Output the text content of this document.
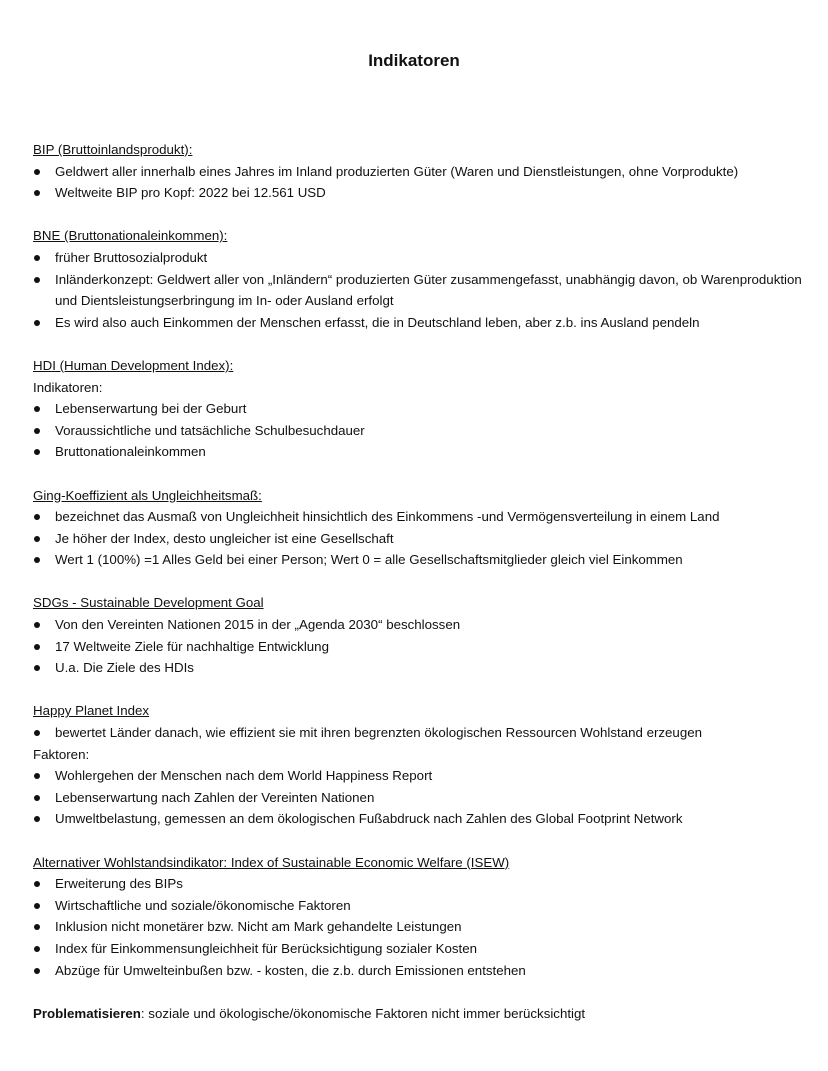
Indikatoren
BIP (Bruttoinlandsprodukt):
Geldwert aller innerhalb eines Jahres im Inland produzierten Güter (Waren und Dienstleistungen, ohne Vorprodukte)
Weltweite BIP pro Kopf: 2022 bei 12.561 USD
BNE (Bruttonationaleinkommen):
früher Bruttosozialprodukt
Inländerkonzept: Geldwert aller von „Inländern“ produzierten Güter zusammengefasst, unabhängig davon, ob Warenproduktion und Dientsleistungserbringung im In- oder Ausland erfolgt
Es wird also auch Einkommen der Menschen erfasst, die in Deutschland leben, aber z.b. ins Ausland pendeln
HDI (Human Development Index):
Indikatoren:
Lebenserwartung bei der Geburt
Voraussichtliche und tatsächliche Schulbesuchdauer
Bruttonationaleinkommen
Ging-Koeffizient als Ungleichheitsmaß:
bezeichnet das Ausmaß von Ungleichheit hinsichtlich des Einkommens -und Vermögensverteilung in einem Land
Je höher der Index, desto ungleicher ist eine Gesellschaft
Wert 1 (100%) =1 Alles Geld bei einer Person; Wert 0 = alle Gesellschaftsmitglieder gleich viel Einkommen
SDGs - Sustainable Development Goal
Von den Vereinten Nationen 2015 in der „Agenda 2030“ beschlossen
17 Weltweite Ziele für nachhaltige Entwicklung
U.a. Die Ziele des HDIs
Happy Planet Index
bewertet Länder danach, wie effizient sie mit ihren begrenzten ökologischen Ressourcen Wohlstand erzeugen
Faktoren:
Wohlergehen der Menschen nach dem World Happiness Report
Lebenserwartung nach Zahlen der Vereinten Nationen
Umweltbelastung, gemessen an dem ökologischen Fußabdruck nach Zahlen des Global Footprint Network
Alternativer Wohlstandsindikator: Index of Sustainable Economic Welfare (ISEW)
Erweiterung des BIPs
Wirtschaftliche und soziale/ökonomische Faktoren
Inklusion nicht monetärer bzw. Nicht am Mark gehandelte Leistungen
Index für Einkommensungleichheit für Berücksichtigung sozialer Kosten
Abzüge für Umwelteinbußen bzw. - kosten, die z.b. durch Emissionen entstehen
Problematisieren: soziale und ökologische/ökonomische Faktoren nicht immer berücksichtigt
